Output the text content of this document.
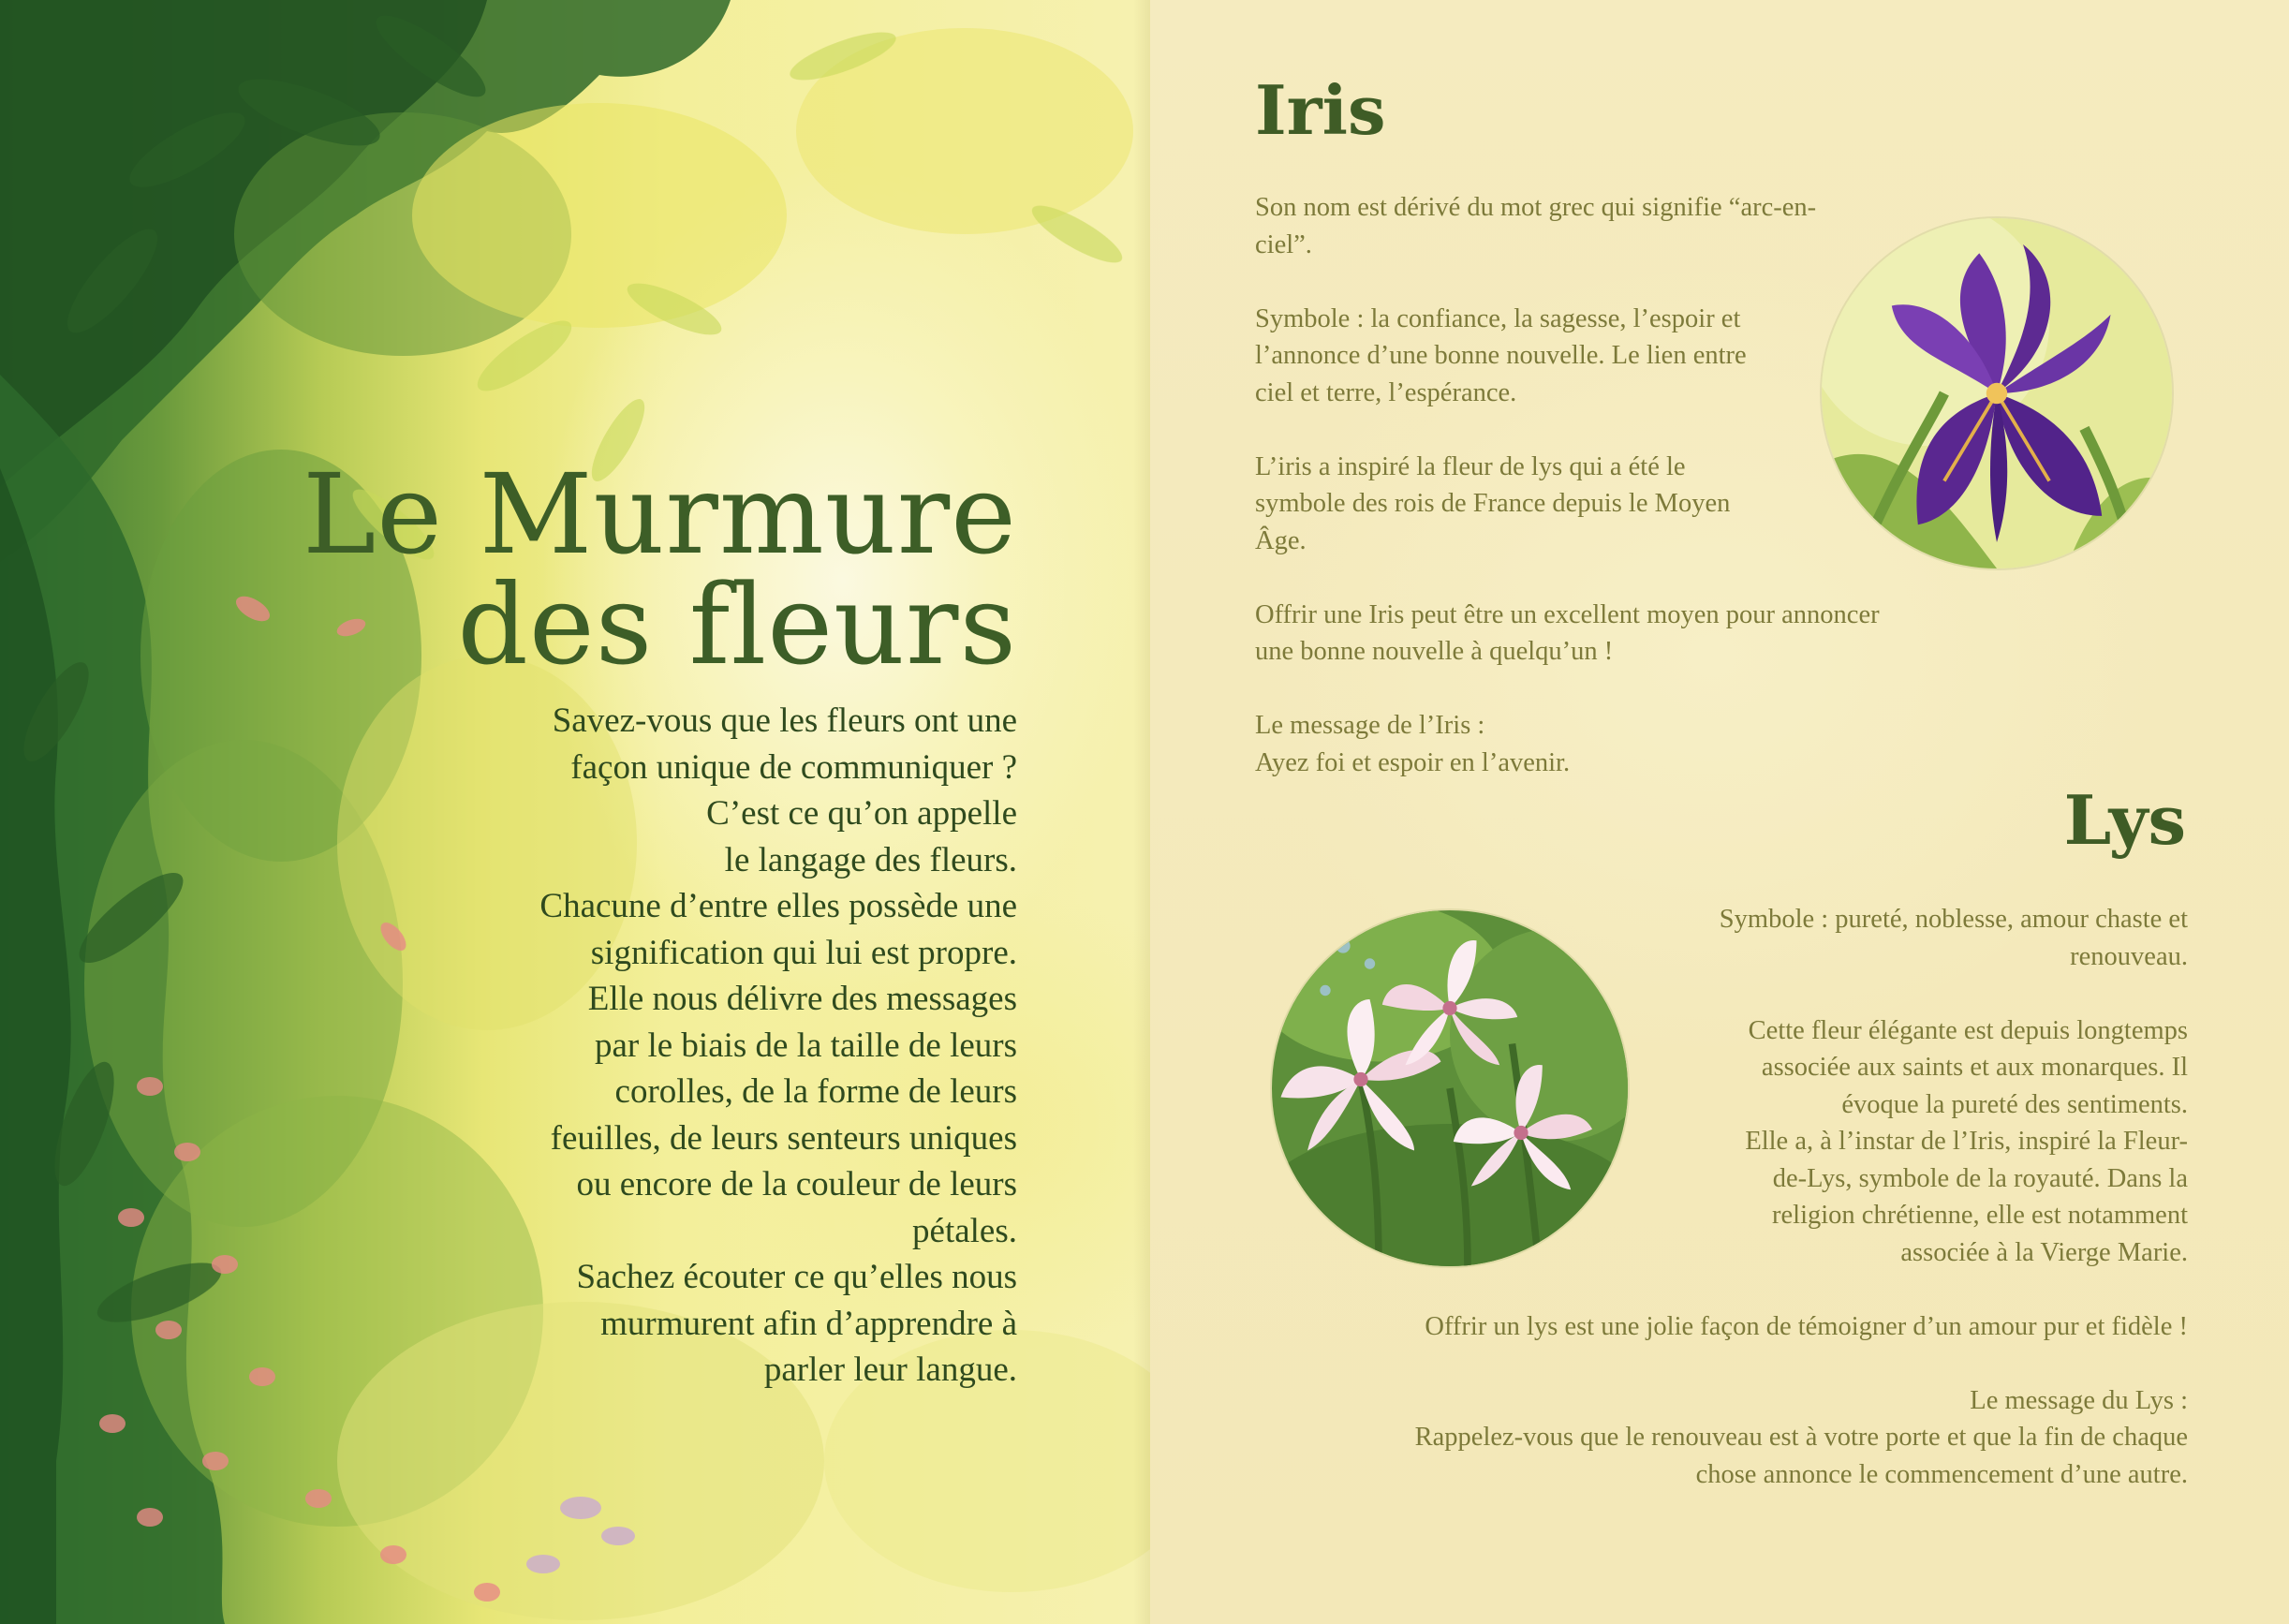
Le Murmure
des fleurs
Savez-vous que les fleurs ont une
façon unique de communiquer ?
C’est ce qu’on appelle
le langage des fleurs.
Chacune d’entre elles possède une
signification qui lui est propre.
Elle nous délivre des messages
par le biais de la taille de leurs
corolles, de la forme de leurs
feuilles, de leurs senteurs uniques
ou encore de la couleur de leurs
pétales.
Sachez écouter ce qu’elles nous
murmurent afin d’apprendre à
parler leur langue.
Iris

Son nom est dérivé du mot grec qui signifie “arc-en-
ciel”.

Symbole : la confiance, la sagesse, l’espoir et
l’annonce d’une bonne nouvelle. Le lien entre
ciel et terre, l’espérance.

L’iris a inspiré la fleur de lys qui a été le
symbole des rois de France depuis le Moyen
Âge.

Offrir une Iris peut être un excellent moyen pour annoncer
une bonne nouvelle à quelqu’un !

Le message de l’Iris :
Ayez foi et espoir en l’avenir.

Lys

Symbole : pureté, noblesse, amour chaste et
renouveau.

Cette fleur élégante est depuis longtemps
associée aux saints et aux monarques. Il
évoque la pureté des sentiments.
Elle a, à l’instar de l’Iris, inspiré la Fleur-
de-Lys, symbole de la royauté. Dans la
religion chrétienne, elle est notamment
associée à la Vierge Marie.

Offrir un lys est une jolie façon de témoigner d’un amour pur et fidèle !

Le message du Lys :
Rappelez-vous que le renouveau est à votre porte et que la fin de chaque
chose annonce le commencement d’une autre.
